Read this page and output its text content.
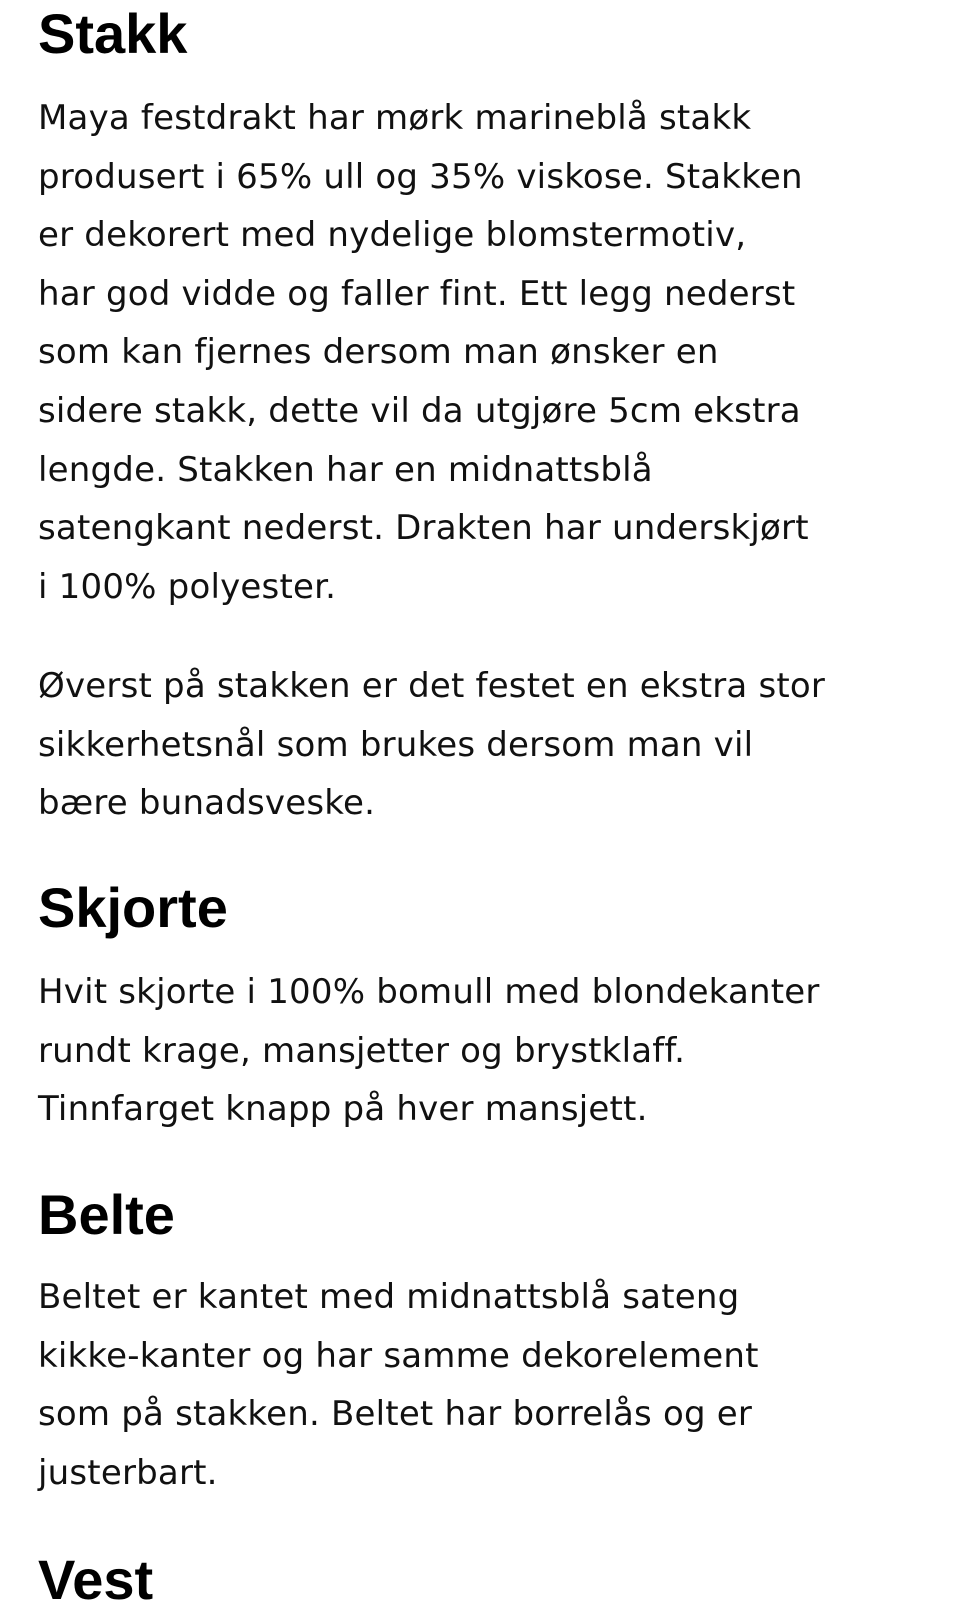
Stakk

Maya festdrakt har mørk marineblå stakk
produsert i 65% ull og 35% viskose. Stakken
er dekorert med nydelige blomstermotiv,
har god vidde og faller fint. Ett legg nederst
som kan fjernes dersom man ønsker en
sidere stakk, dette vil da utgjøre 5cm ekstra
lengde. Stakken har en midnattsblå
satengkant nederst. Drakten har underskjørt
i 100% polyester.

Øverst på stakken er det festet en ekstra stor
sikkerhetsnål som brukes dersom man vil
bære bunadsveske.

Skjorte

Hvit skjorte i 100% bomull med blondekanter
rundt krage, mansjetter og brystklaff.
Tinnfarget knapp på hver mansjett.

Belte

Beltet er kantet med midnattsblå sateng
kikke-kanter og har samme dekorelement
som på stakken. Beltet har borrelås og er
justerbart.

Vest
